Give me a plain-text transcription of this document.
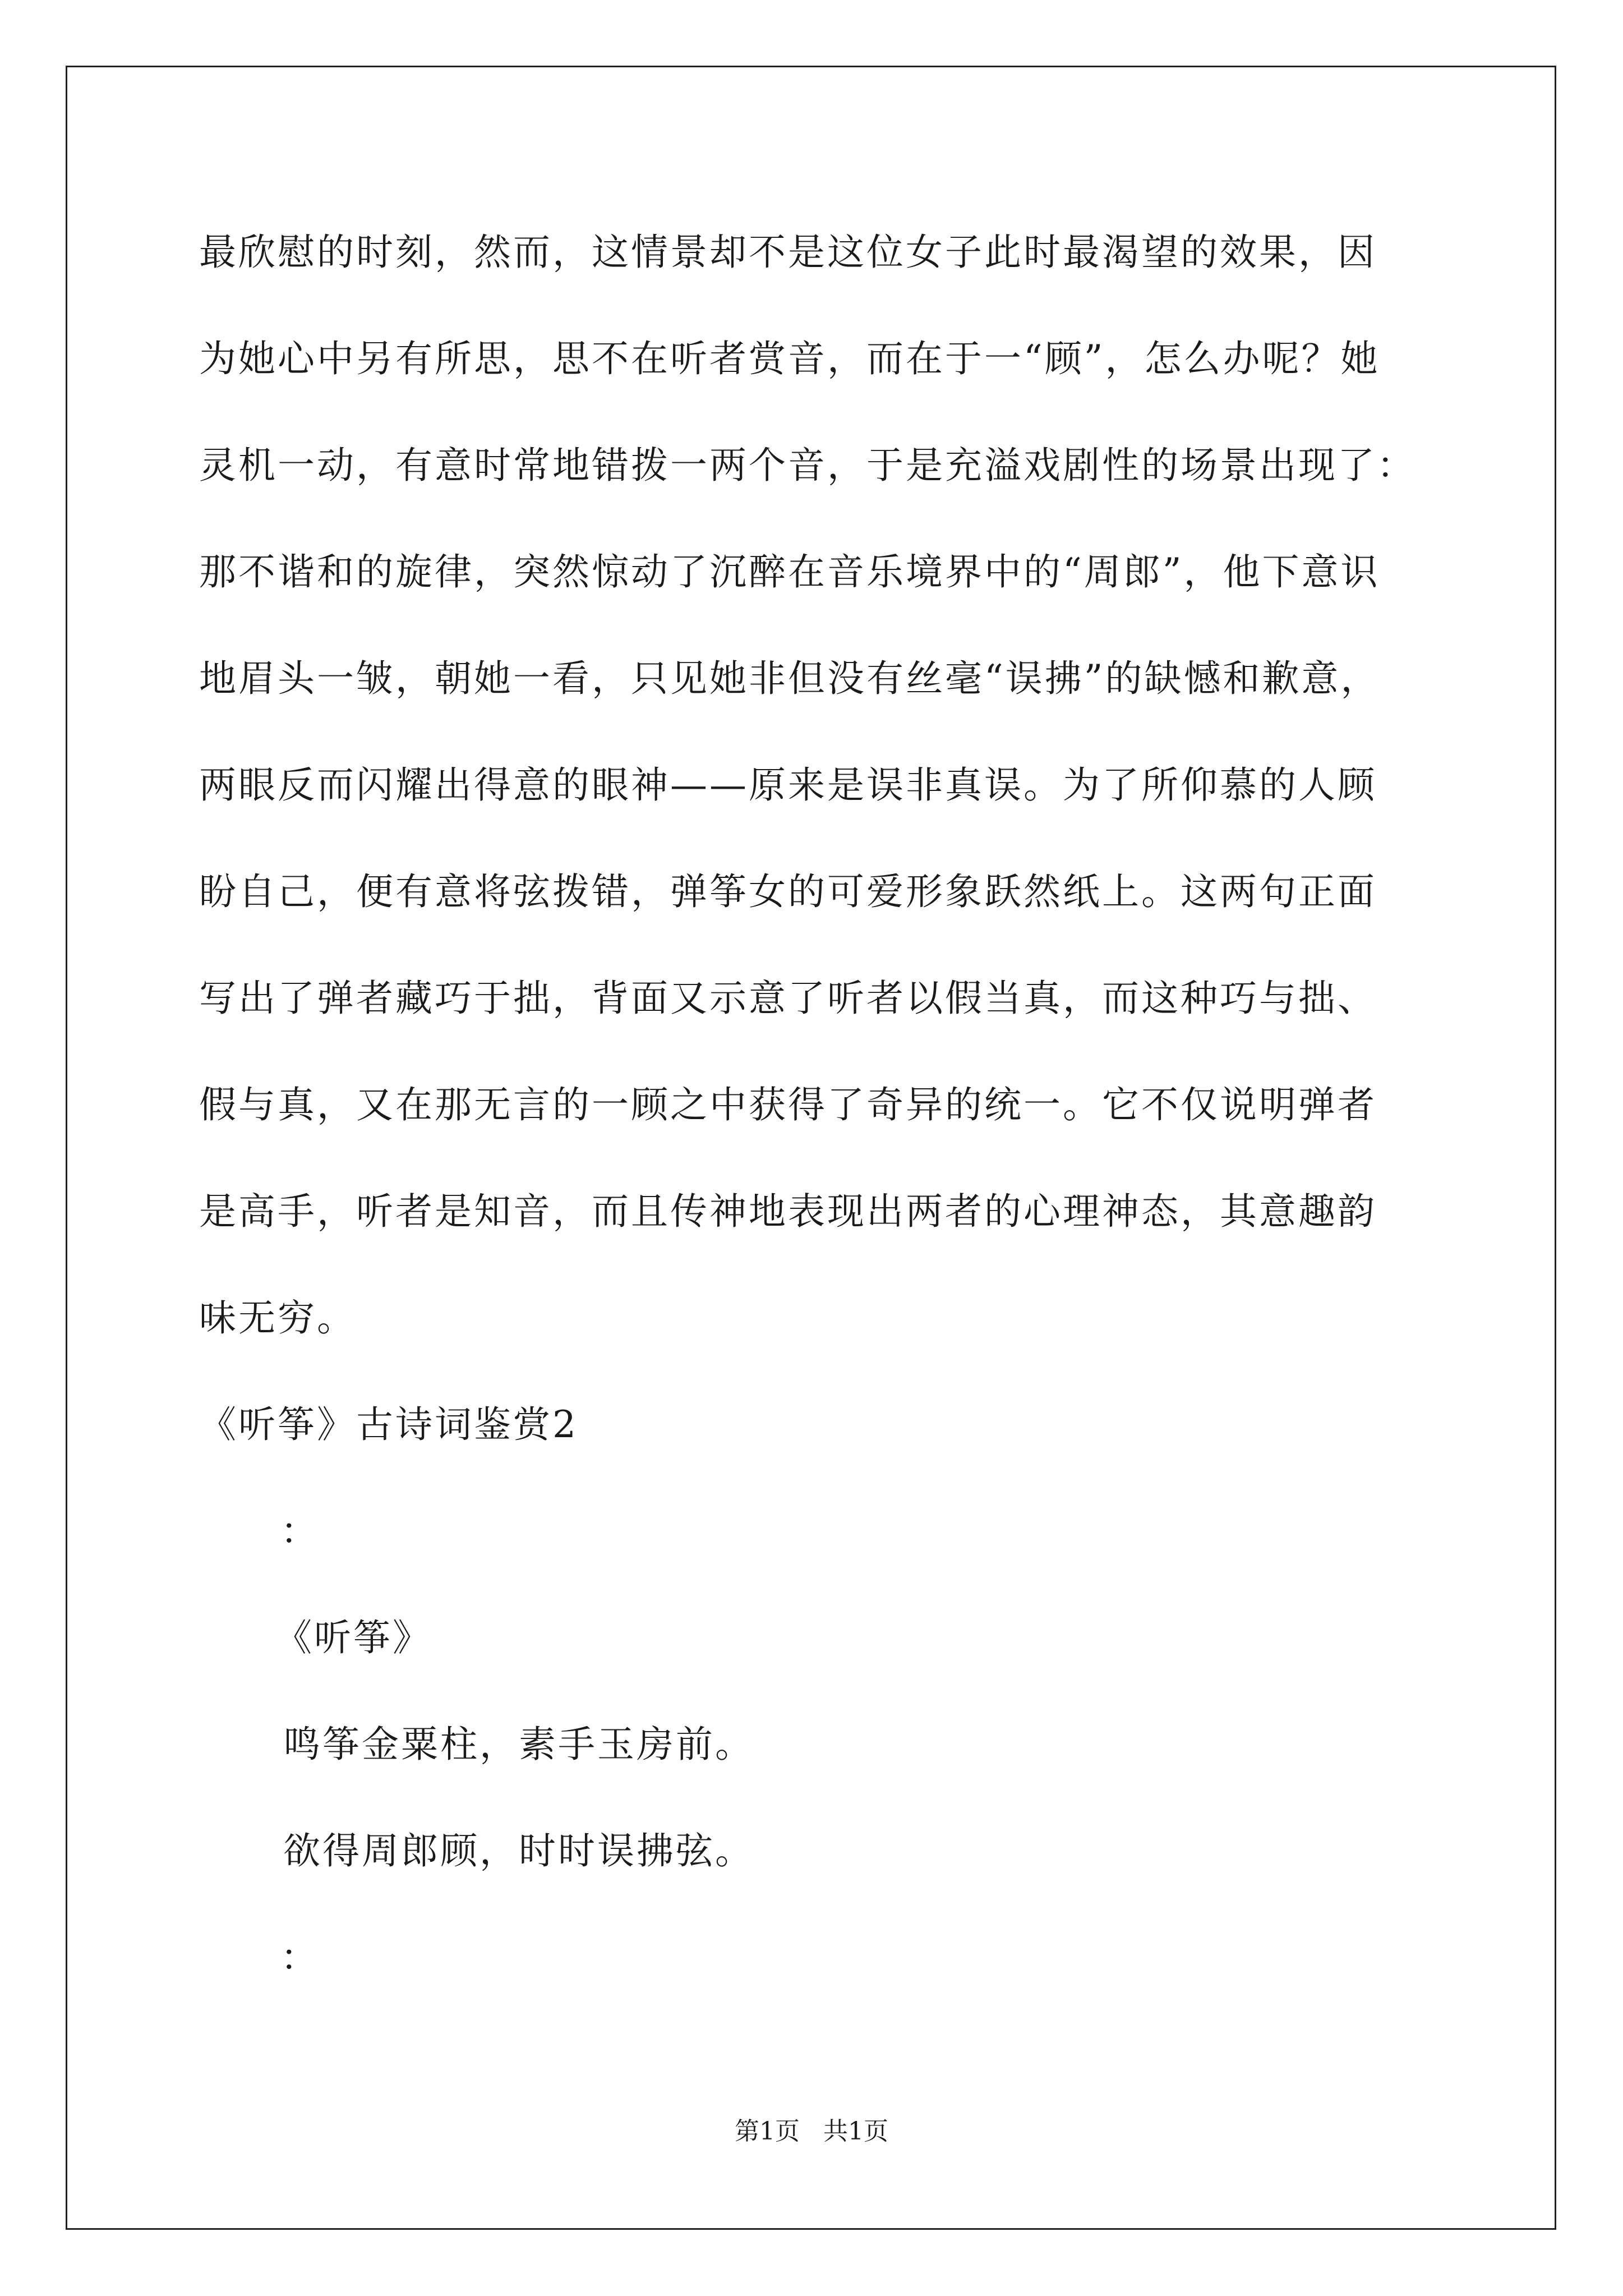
最欣慰的时刻，然而，这情景却不是这位女子此时最渴望的效果，因
为她心中另有所思，思不在听者赏音，而在于一“顾”，怎么办呢？她
灵机一动，有意时常地错拨一两个音，于是充溢戏剧性的场景出现了：
那不谐和的旋律，突然惊动了沉醉在音乐境界中的“周郎”，他下意识
地眉头一皱，朝她一看，只见她非但没有丝毫“误拂”的缺憾和歉意，
两眼反而闪耀出得意的眼神——原来是误非真误。为了所仰慕的人顾
盼自己，便有意将弦拨错，弹筝女的可爱形象跃然纸上。这两句正面
写出了弹者藏巧于拙，背面又示意了听者以假当真，而这种巧与拙、
假与真，又在那无言的一顾之中获得了奇异的统一。它不仅说明弹者
是高手，听者是知音，而且传神地表现出两者的心理神态，其意趣韵
味无穷。
《听筝》古诗词鉴赏2
：
《听筝》
鸣筝金粟柱，素手玉房前。
欲得周郎顾，时时误拂弦。
：
第1页 共1页
